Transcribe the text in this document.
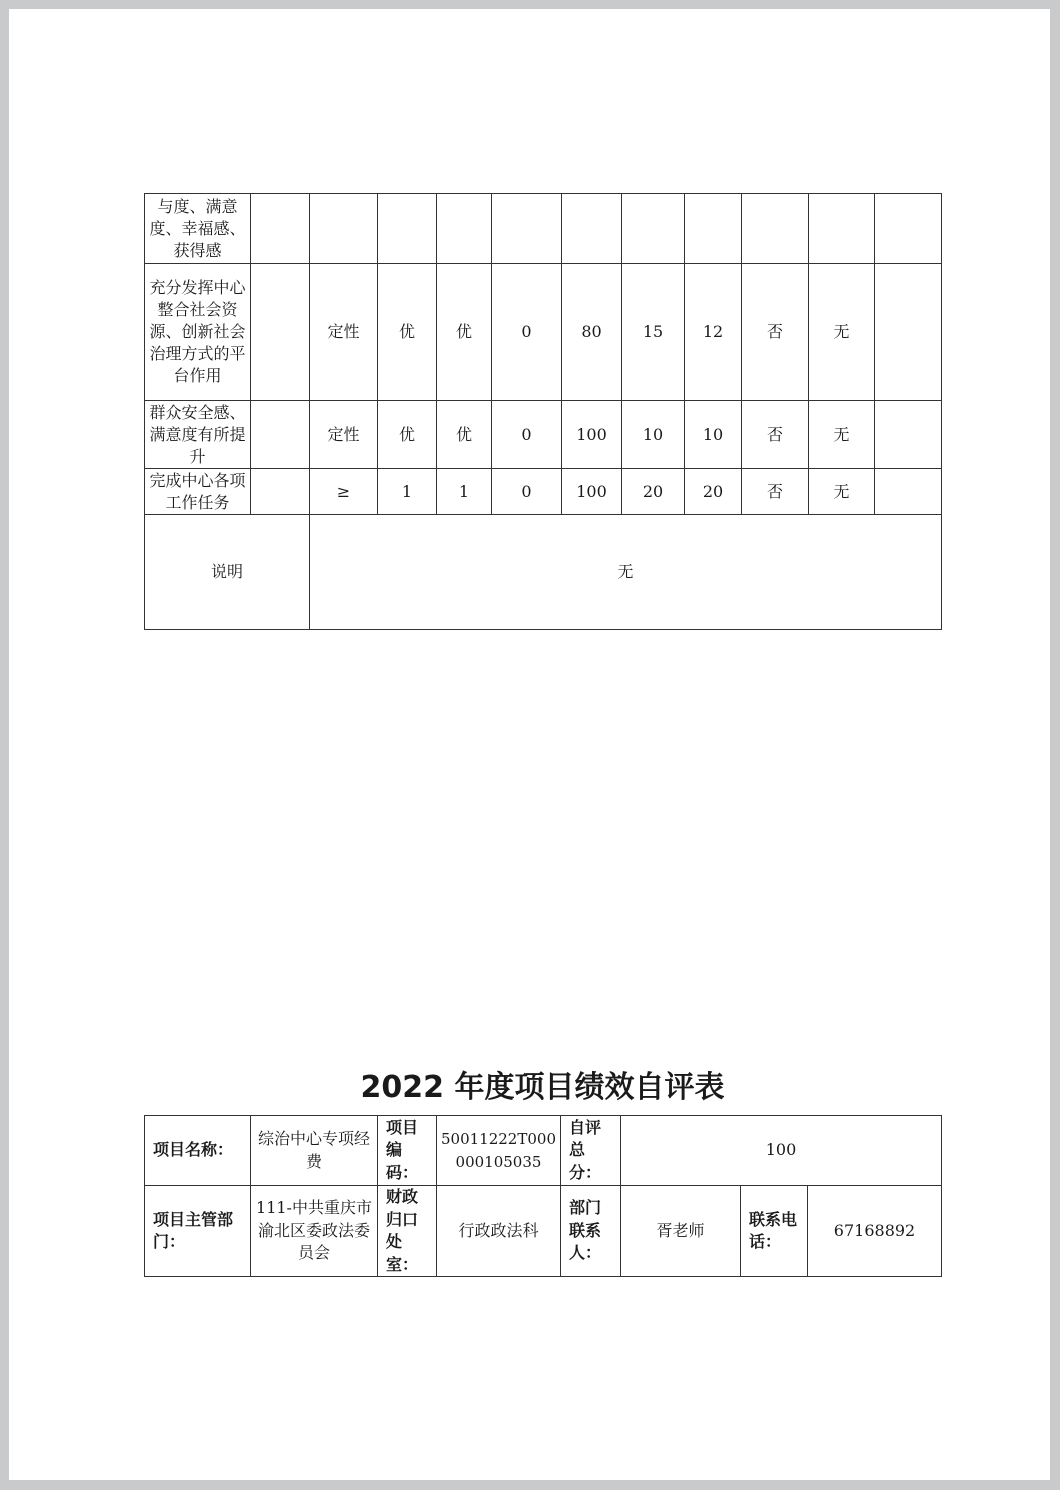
与度、满意度、幸福感、获得感											
充分发挥中心整合社会资源、创新社会治理方式的平台作用		定性	优	优	0	80	15	12	否	无	
群众安全感、满意度有所提升		定性	优	优	0	100	10	10	否	无	
完成中心各项工作任务		≥	1	1	0	100	20	20	否	无	
说明		无									
2022 年度项目绩效自评表
项目名称：	综治中心专项经费	项目编码：	50011222T000000105035	自评总分：	100		
项目主管部门：	111-中共重庆市渝北区委政法委员会	财政归口处室：	行政政法科	部门联系人：	胥老师	联系电话：	67168892
